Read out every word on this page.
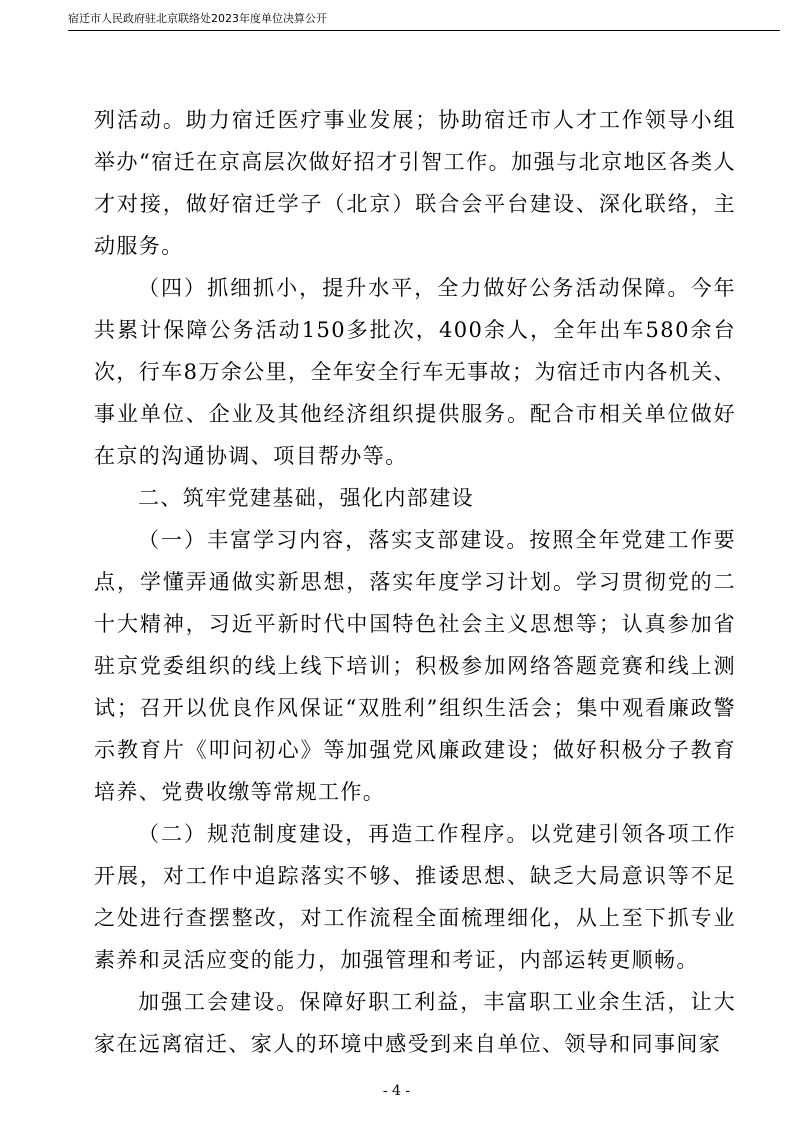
宿迁市人民政府驻北京联络处2023年度单位决算公开

列活动。助力宿迁医疗事业发展；协助宿迁市人才工作领导小组举办“宿迁在京高层次做好招才引智工作。加强与北京地区各类人才对接，做好宿迁学子（北京）联合会平台建设、深化联络，主动服务。

（四）抓细抓小，提升水平，全力做好公务活动保障。今年共累计保障公务活动150多批次，400余人，全年出车580余台次，行车8万余公里，全年安全行车无事故；为宿迁市内各机关、事业单位、企业及其他经济组织提供服务。配合市相关单位做好在京的沟通协调、项目帮办等。

二、筑牢党建基础，强化内部建设

（一）丰富学习内容，落实支部建设。按照全年党建工作要点，学懂弄通做实新思想，落实年度学习计划。学习贯彻党的二十大精神，习近平新时代中国特色社会主义思想等；认真参加省驻京党委组织的线上线下培训；积极参加网络答题竞赛和线上测试；召开以优良作风保证“双胜利”组织生活会；集中观看廉政警示教育片《叩问初心》等加强党风廉政建设；做好积极分子教育培养、党费收缴等常规工作。

（二）规范制度建设，再造工作程序。以党建引领各项工作开展，对工作中追踪落实不够、推诿思想、缺乏大局意识等不足之处进行查摆整改，对工作流程全面梳理细化，从上至下抓专业素养和灵活应变的能力，加强管理和考证，内部运转更顺畅。

加强工会建设。保障好职工利益，丰富职工业余生活，让大家在远离宿迁、家人的环境中感受到来自单位、领导和同事间家

- 4 -
